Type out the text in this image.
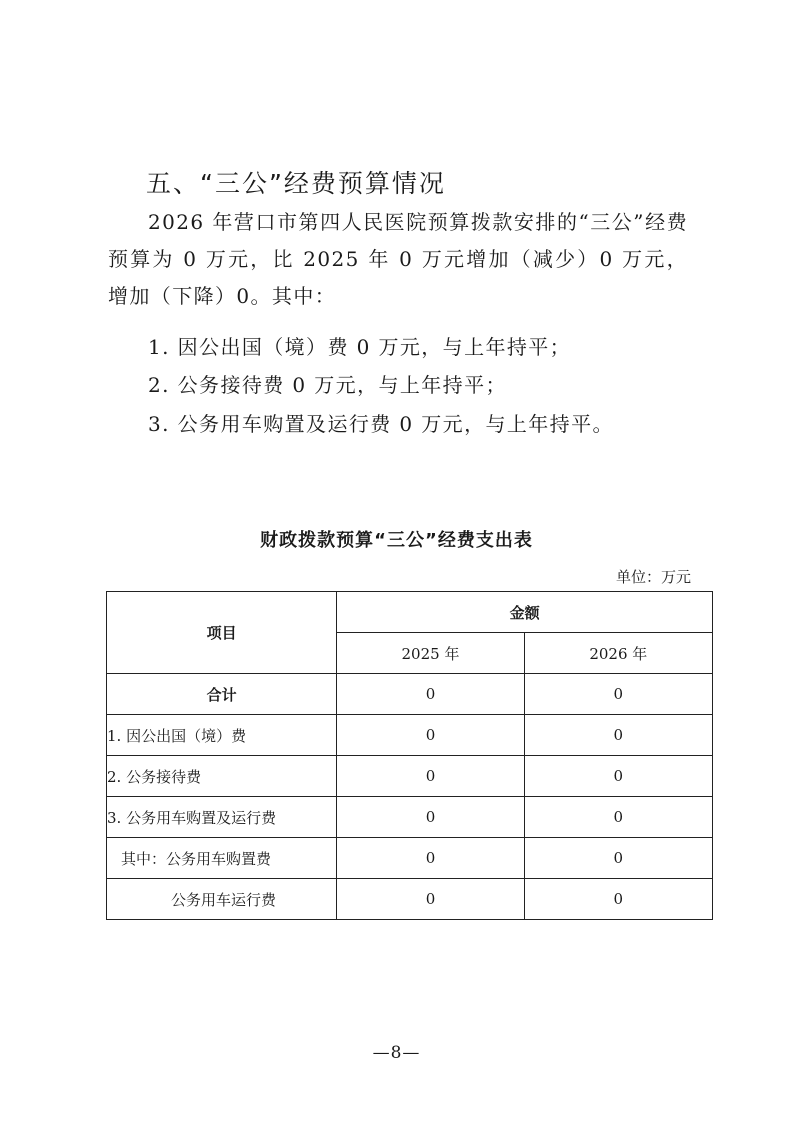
五、“三公”经费预算情况

2026 年营口市第四人民医院预算拨款安排的“三公”经费预算为 0 万元，比 2025 年 0 万元增加（减少）0 万元，增加（下降）0。其中：

1. 因公出国（境）费 0 万元，与上年持平；
2. 公务接待费 0 万元，与上年持平；
3. 公务用车购置及运行费 0 万元，与上年持平。
财政拨款预算“三公”经费支出表
单位：万元
项目	金额	
	2025 年	2026 年
合计	0	0
1. 因公出国（境）费	0	0
2. 公务接待费	0	0
3. 公务用车购置及运行费	0	0
其中：公务用车购置费	0	0
公务用车运行费	0	0
—8—
